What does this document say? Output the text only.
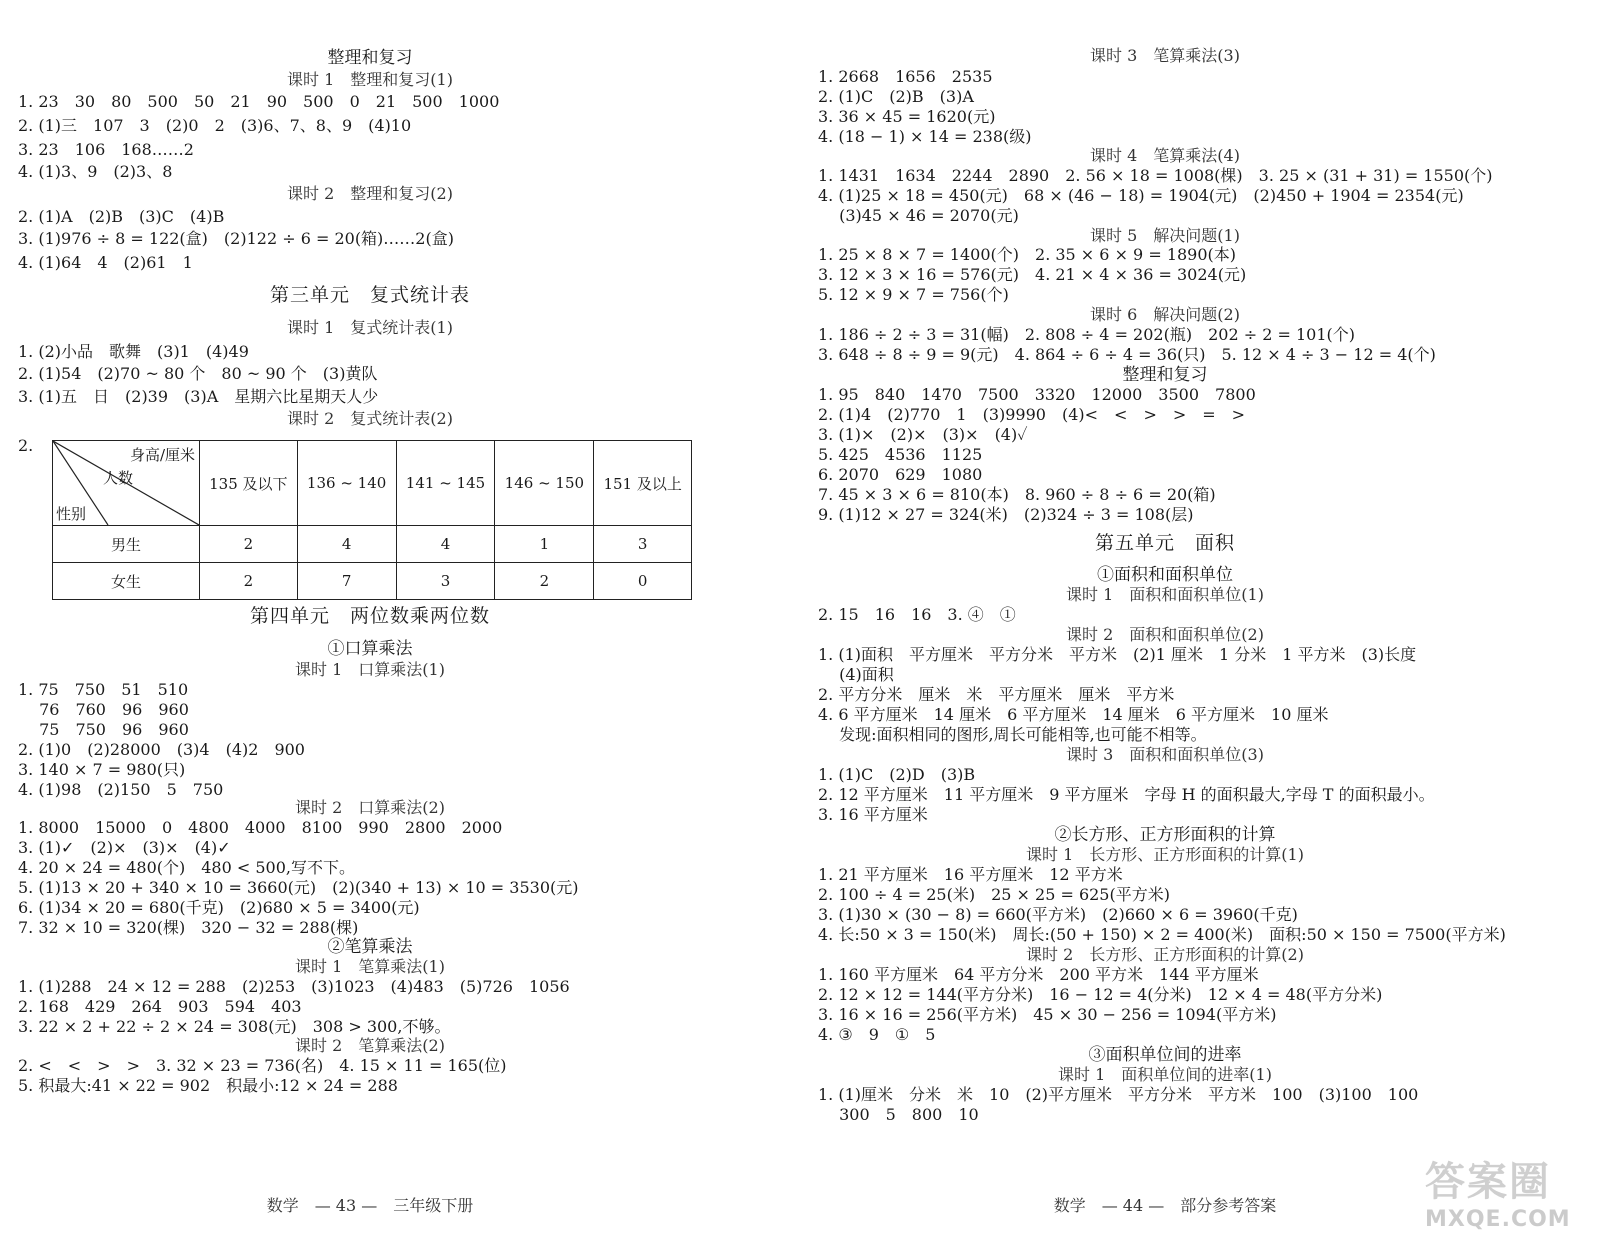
整理和复习
课时 1　整理和复习(1)
1. 23　30　80　500　50　21　90　500　0　21　500　1000
2. (1)三　107　3　(2)0　2　(3)6、7、8、9　(4)10
3. 23　106　168……2
4. (1)3、9　(2)3、8
课时 2　整理和复习(2)
2. (1)A　(2)B　(3)C　(4)B
3. (1)976 ÷ 8 = 122(盒)　(2)122 ÷ 6 = 20(箱)……2(盒)
4. (1)64　4　(2)61　1
第三单元　复式统计表
课时 1　复式统计表(1)
1. (2)小品　歌舞　(3)1　(4)49
2. (1)54　(2)70 ~ 80 个　80 ~ 90 个　(3)黄队
3. (1)五　日　(2)39　(3)A　星期六比星期天人少
课时 2　复式统计表(2)
2.	身高/厘米
人数
性别	135 及以下	136 ~ 140	141 ~ 145	146 ~ 150	151 及以上
男生	2	4	4	1	3
女生	2	7	3	2	0
第四单元　两位数乘两位数
①口算乘法
课时 1　口算乘法(1)
1. 75　750　51　510
　 76　760　96　960
　 75　750　96　960
2. (1)0　(2)28000　(3)4　(4)2　900
3. 140 × 7 = 980(只)
4. (1)98　(2)150　5　750
课时 2　口算乘法(2)
1. 8000　15000　0　4800　4000　8100　990　2800　2000
3. (1)✓　(2)×　(3)×　(4)✓
4. 20 × 24 = 480(个)　480 < 500,写不下。
5. (1)13 × 20 + 340 × 10 = 3660(元)　(2)(340 + 13) × 10 = 3530(元)
6. (1)34 × 20 = 680(千克)　(2)680 × 5 = 3400(元)
7. 32 × 10 = 320(棵)　320 − 32 = 288(棵)
②笔算乘法
课时 1　笔算乘法(1)
1. (1)288　24 × 12 = 288　(2)253　(3)1023　(4)483　(5)726　1056
2. 168　429　264　903　594　403
3. 22 × 2 + 22 ÷ 2 × 24 = 308(元)　308 > 300,不够。
课时 2　笔算乘法(2)
2. <　<　>　>　3. 32 × 23 = 736(名)　4. 15 × 11 = 165(位)
5. 积最大:41 × 22 = 902　积最小:12 × 24 = 288
数学　— 43 —　三年级下册
课时 3　笔算乘法(3)
1. 2668　1656　2535
2. (1)C　(2)B　(3)A
3. 36 × 45 = 1620(元)
4. (18 − 1) × 14 = 238(级)
课时 4　笔算乘法(4)
1. 1431　1634　2244　2890　2. 56 × 18 = 1008(棵)　3. 25 × (31 + 31) = 1550(个)
4. (1)25 × 18 = 450(元)　68 × (46 − 18) = 1904(元)　(2)450 + 1904 = 2354(元)
　 (3)45 × 46 = 2070(元)
课时 5　解决问题(1)
1. 25 × 8 × 7 = 1400(个)　2. 35 × 6 × 9 = 1890(本)
3. 12 × 3 × 16 = 576(元)　4. 21 × 4 × 36 = 3024(元)
5. 12 × 9 × 7 = 756(个)
课时 6　解决问题(2)
1. 186 ÷ 2 ÷ 3 = 31(幅)　2. 808 ÷ 4 = 202(瓶)　202 ÷ 2 = 101(个)
3. 648 ÷ 8 ÷ 9 = 9(元)　4. 864 ÷ 6 ÷ 4 = 36(只)　5. 12 × 4 ÷ 3 − 12 = 4(个)
整理和复习
1. 95　840　1470　7500　3320　12000　3500　7800
2. (1)4　(2)770　1　(3)9990　(4)<　<　>　>　=　>
3. (1)×　(2)×　(3)×　(4)✓
5. 425　4536　1125
6. 2070　629　1080
7. 45 × 3 × 6 = 810(本)　8. 960 ÷ 8 ÷ 6 = 20(箱)
9. (1)12 × 27 = 324(米)　(2)324 ÷ 3 = 108(层)
第五单元　面积
①面积和面积单位
课时 1　面积和面积单位(1)
2. 15　16　16　3. ④　①
课时 2　面积和面积单位(2)
1. (1)面积　平方厘米　平方分米　平方米　(2)1 厘米　1 分米　1 平方米　(3)长度
　 (4)面积
2. 平方分米　厘米　米　平方厘米　厘米　平方米
4. 6 平方厘米　14 厘米　6 平方厘米　14 厘米　6 平方厘米　10 厘米
　 发现:面积相同的图形,周长可能相等,也可能不相等。
课时 3　面积和面积单位(3)
1. (1)C　(2)D　(3)B
2. 12 平方厘米　11 平方厘米　9 平方厘米　字母 H 的面积最大,字母 T 的面积最小。
3. 16 平方厘米
②长方形、正方形面积的计算
课时 1　长方形、正方形面积的计算(1)
1. 21 平方厘米　16 平方厘米　12 平方米
2. 100 ÷ 4 = 25(米)　25 × 25 = 625(平方米)
3. (1)30 × (30 − 8) = 660(平方米)　(2)660 × 6 = 3960(千克)
4. 长:50 × 3 = 150(米)　周长:(50 + 150) × 2 = 400(米)　面积:50 × 150 = 7500(平方米)
课时 2　长方形、正方形面积的计算(2)
1. 160 平方厘米　64 平方分米　200 平方米　144 平方厘米
2. 12 × 12 = 144(平方分米)　16 − 12 = 4(分米)　12 × 4 = 48(平方分米)
3. 16 × 16 = 256(平方米)　45 × 30 − 256 = 1094(平方米)
4. ③　9　①　5
③面积单位间的进率
课时 1　面积单位间的进率(1)
1. (1)厘米　分米　米　10　(2)平方厘米　平方分米　平方米　100　(3)100　100
　 300　5　800　10
数学　— 44 —　部分参考答案
答案圈
MXQE.COM
